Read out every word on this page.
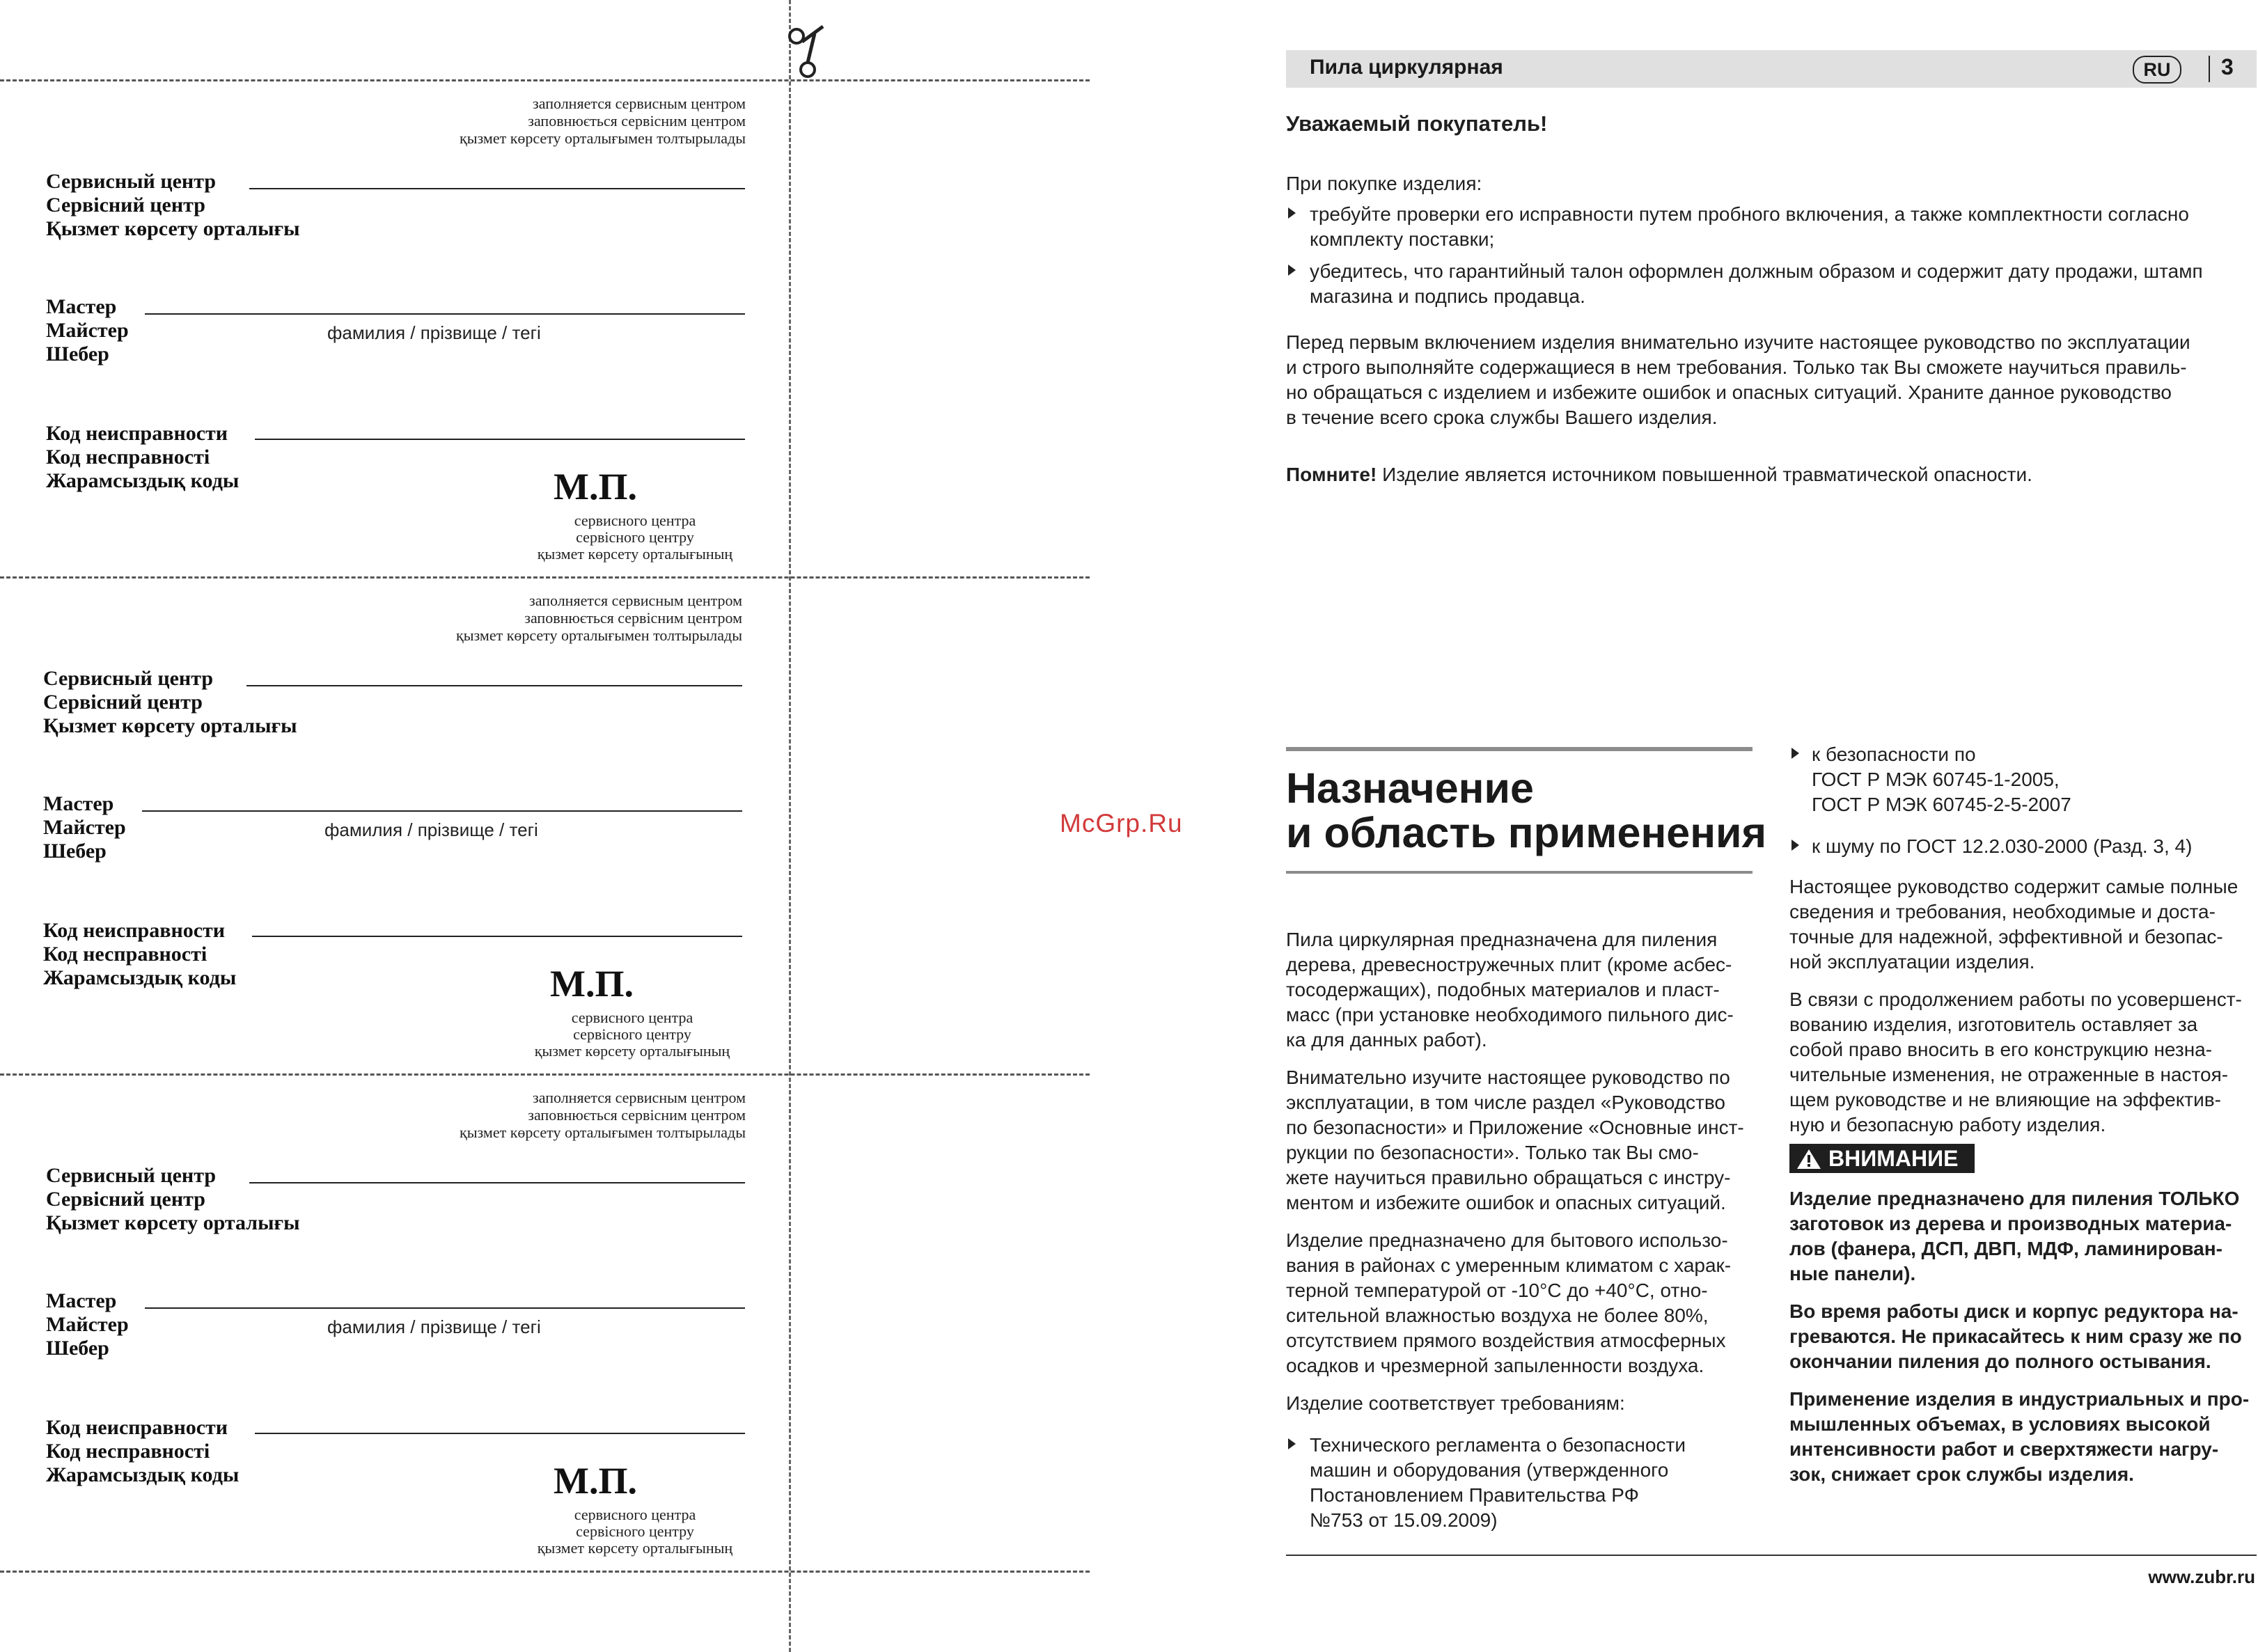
заполняется сервисным центром
заповнюється сервісним центром
қызмет көрсету орталығымен толтырылады
Сервисный центр
Сервісний центр
Қызмет көрсету орталығы
Мастер
Майстер
Шебер
фамилия / прізвище / тегі
Код неисправности
Код несправності
Жарамсыздық коды	М.П.
сервисного центра
сервісного центру
қызмет көрсету орталығының
заполняется сервисным центром
заповнюється сервісним центром
қызмет көрсету орталығымен толтырылады
Сервисный центр
Сервісний центр
Қызмет көрсету орталығы
Мастер
Майстер
Шебер
фамилия / прізвище / тегі
Код неисправности
Код несправності
Жарамсыздық коды	М.П.
сервисного центра
сервісного центру
қызмет көрсету орталығының
заполняется сервисным центром
заповнюється сервісним центром
қызмет көрсету орталығымен толтырылады
Сервисный центр
Сервісний центр
Қызмет көрсету орталығы
Мастер
Майстер
Шебер
фамилия / прізвище / тегі
Код неисправности
Код несправності
Жарамсыздық коды	М.П.
сервисного центра
сервісного центру
қызмет көрсету орталығының
McGrp.Ru
Пила циркулярная	RU	3
Уважаемый покупатель!
При покупке изделия:
требуйте проверки его исправности путем пробного включения, а также комплектности согласно
комплекту поставки;
убедитесь, что гарантийный талон оформлен должным образом и содержит дату продажи, штамп
магазина и подпись продавца.
Перед первым включением изделия внимательно изучите настоящее руководство по эксплуатации
и строго выполняйте содержащиеся в нем требования. Только так Вы сможете научиться правиль-
но обращаться с изделием и избежите ошибок и опасных ситуаций. Храните данное руководство
в течение всего срока службы Вашего изделия.
Помните! Изделие является источником повышенной травматической опасности.
Назначение
и область применения
Пила циркулярная предназначена для пиления
дерева, древесностружечных плит (кроме асбес-
тосодержащих), подобных материалов и пласт-
масс (при установке необходимого пильного дис-
ка для данных работ).
Внимательно изучите настоящее руководство по
эксплуатации, в том числе раздел «Руководство
по безопасности» и Приложение «Основные инст-
рукции по безопасности». Только так Вы смо-
жете научиться правильно обращаться с инстру-
ментом и избежите ошибок и опасных ситуаций.
Изделие предназначено для бытового использо-
вания в районах с умеренным климатом с харак-
терной температурой от -10°С до +40°С, отно-
сительной влажностью воздуха не более 80%,
отсутствием прямого воздействия атмосферных
осадков и чрезмерной запыленности воздуха.
Изделие соответствует требованиям:
Технического регламента о безопасности
машин и оборудования (утвержденного
Постановлением Правительства РФ
№753 от 15.09.2009)
к безопасности по
ГОСТ Р МЭК 60745-1-2005,
ГОСТ Р МЭК 60745-2-5-2007
к шуму по ГОСТ 12.2.030-2000 (Разд. 3, 4)
Настоящее руководство содержит самые полные
сведения и требования, необходимые и доста-
точные для надежной, эффективной и безопас-
ной эксплуатации изделия.
В связи с продолжением работы по усовершенст-
вованию изделия, изготовитель оставляет за
собой право вносить в его конструкцию незна-
чительные изменения, не отраженные в настоя-
щем руководстве и не влияющие на эффектив-
ную и безопасную работу изделия.
ВНИМАНИЕ
Изделие предназначено для пиления ТОЛЬКО
заготовок из дерева и производных материа-
лов (фанера, ДСП, ДВП, МДФ, ламинирован-
ные панели).
Во время работы диск и корпус редуктора на-
греваются. Не прикасайтесь к ним сразу же по
окончании пиления до полного остывания.
Применение изделия в индустриальных и про-
мышленных объемах, в условиях высокой
интенсивности работ и сверхтяжести нагру-
зок, снижает срок службы изделия.
www.zubr.ru
